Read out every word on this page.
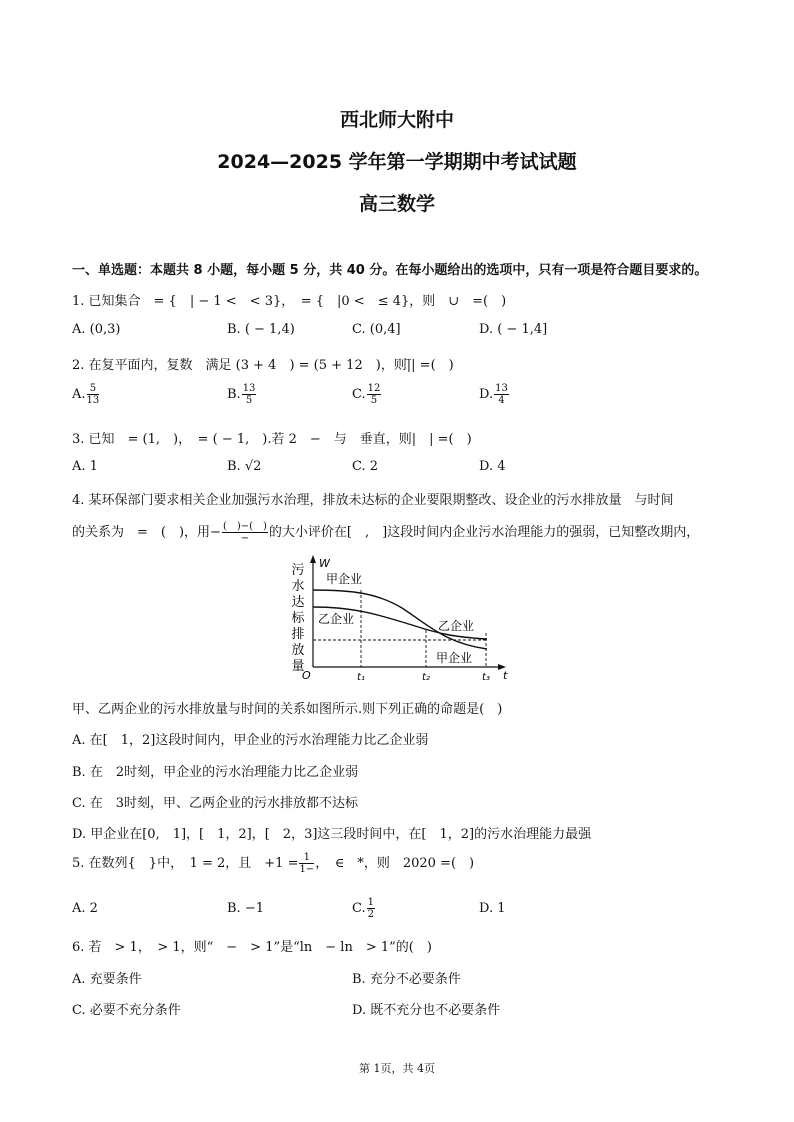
西北师大附中
2024—2025 学年第一学期期中考试试题
高三数学
一、单选题：本题共 8 小题，每小题 5 分，共 40 分。在每小题给出的选项中，只有一项是符合题目要求的。
1. 已知集合　= {　| − 1 <　< 3}，　= {　|0 <　≤ 4}，则　∪　=(　)
A. (0,3)	B. ( − 1,4)	C. (0,4]	D. ( − 1,4]
2. 在复平面内，复数　满足 (3 + 4　) = (5 + 12　)，则|̅| =(　)
A. $\frac{5}{13}$	B. $\frac{13}{5}$	C. $\frac{12}{5}$	D. $\frac{13}{4}$
3. 已知　= (1,　)，　= ( − 1,　).若 2　−　与　垂直，则|　| =(　)
A. 1	B. √2	C. 2	D. 4
4. 某环保部门要求相关企业加强污水治理，排放未达标的企业要限期整改、设企业的污水排放量　与时间
的关系为　=　(　)，用− $\frac{( )-( )}{-}$ 的大小评价在[　,　]这段时间内企业污水治理能力的强弱，已知整改期内，
污
水
达
标
排
放
量
W
t
O
甲企业
乙企业	乙企业
甲企业
t₁	t₂	t₃
甲、乙两企业的污水排放量与时间的关系如图所示.则下列正确的命题是(　)
A. 在[　1，2]这段时间内，甲企业的污水治理能力比乙企业弱
B. 在　2时刻，甲企业的污水治理能力比乙企业弱
C. 在　3时刻，甲、乙两企业的污水排放都不达标
D. 甲企业在[0,　1]，[　1，2]，[　2，3]这三段时间中，在[　1，2]的污水治理能力最强
5. 在数列{　}中，　1 = 2，且　$+1 = \frac{1}{1-}$ ，　∈　*，则　2020 =(　)
A. 2	B. −1	C. $\frac{1}{2}$	D. 1
6. 若　> 1，　> 1，则“　−　> 1”是“ln　− ln　> 1”的(　)
A. 充要条件	B. 充分不必要条件
C. 必要不充分条件	D. 既不充分也不必要条件
第 1页，共 4页
